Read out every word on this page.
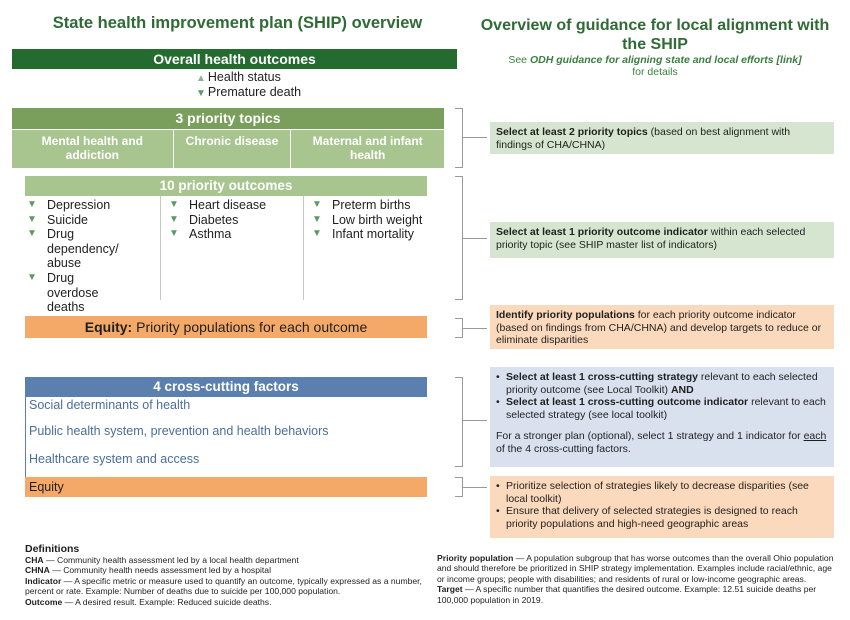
State health improvement plan (SHIP) overview	Overview of guidance for local alignment with the SHIP
See ODH guidance for aligning state and local efforts [link]
for details
Overall health outcomes
▲ Health status
▼ Premature death
3 priority topics
Mental health and addiction
Chronic disease	Maternal and infant health
10 priority outcomes
▼ Depression
▼ Suicide
▼ Drug dependency/ abuse
▼ Drug overdose deaths
▼ Heart disease
▼ Diabetes
▼ Asthma
▼ Preterm births
▼ Low birth weight
▼ Infant mortality
Equity: Priority populations for each outcome
4 cross-cutting factors
Social determinants of health
Public health system, prevention and health behaviors
Healthcare system and access
Equity
Select at least 2 priority topics (based on best alignment with findings of CHA/CHNA)
Select at least 1 priority outcome indicator within each selected priority topic (see SHIP master list of indicators)
Identify priority populations for each priority outcome indicator (based on findings from CHA/CHNA) and develop targets to reduce or eliminate disparities
• Select at least 1 cross-cutting strategy relevant to each selected priority outcome (see Local Toolkit) AND
• Select at least 1 cross-cutting outcome indicator relevant to each selected strategy (see local toolkit)
For a stronger plan (optional), select 1 strategy and 1 indicator for each of the 4 cross-cutting factors.
• Prioritize selection of strategies likely to decrease disparities (see local toolkit)
• Ensure that delivery of selected strategies is designed to reach priority populations and high-need geographic areas
Definitions
CHA — Community health assessment led by a local health department
CHNA — Community health needs assessment led by a hospital
Indicator — A specific metric or measure used to quantify an outcome, typically expressed as a number, percent or rate. Example: Number of deaths due to suicide per 100,000 population.
Outcome — A desired result. Example: Reduced suicide deaths.
Priority population — A population subgroup that has worse outcomes than the overall Ohio population and should therefore be prioritized in SHIP strategy implementation. Examples include racial/ethnic, age or income groups; people with disabilities; and residents of rural or low-income geographic areas.
Target — A specific number that quantifies the desired outcome. Example: 12.51 suicide deaths per 100,000 population in 2019.
